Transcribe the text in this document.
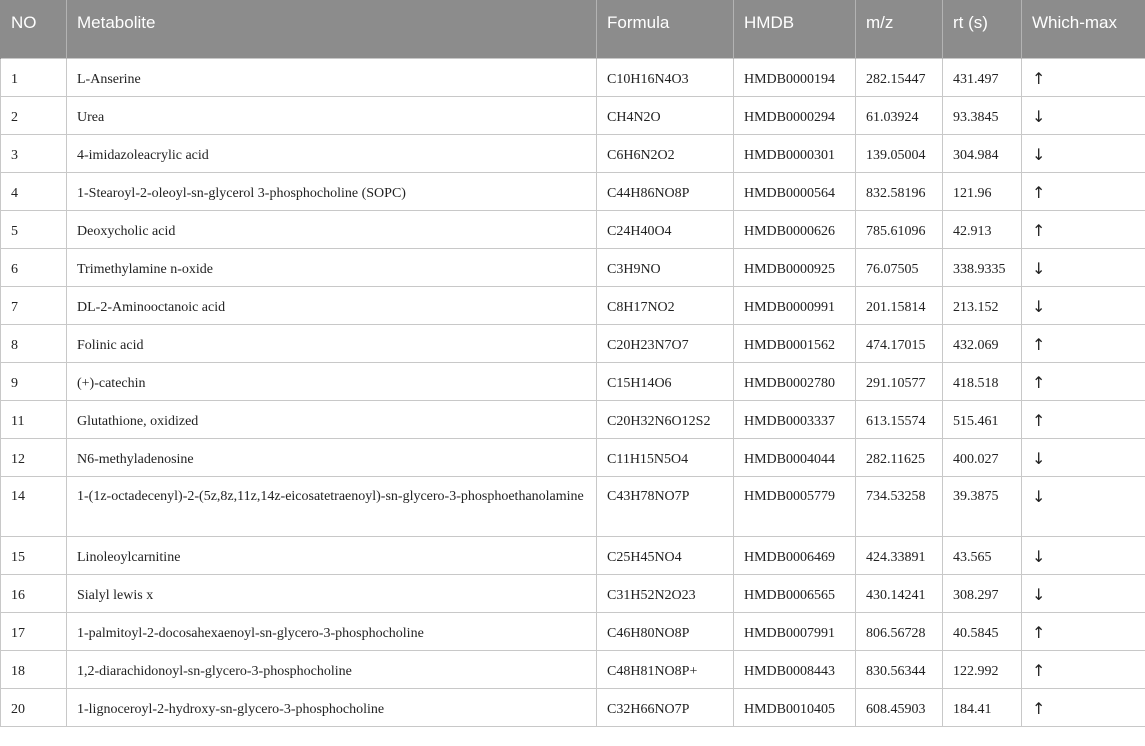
NO	Metabolite	Formula	HMDB	m/z	rt (s)	Which-max
1	L-Anserine	C10H16N4O3	HMDB0000194	282.15447	431.497	↑
2	Urea	CH4N2O	HMDB0000294	61.03924	93.3845	↓
3	4-imidazoleacrylic acid	C6H6N2O2	HMDB0000301	139.05004	304.984	↓
4	1-Stearoyl-2-oleoyl-sn-glycerol 3-phosphocholine (SOPC)	C44H86NO8P	HMDB0000564	832.58196	121.96	↑
5	Deoxycholic acid	C24H40O4	HMDB0000626	785.61096	42.913	↑
6	Trimethylamine n-oxide	C3H9NO	HMDB0000925	76.07505	338.9335	↓
7	DL-2-Aminooctanoic acid	C8H17NO2	HMDB0000991	201.15814	213.152	↓
8	Folinic acid	C20H23N7O7	HMDB0001562	474.17015	432.069	↑
9	(+)-catechin	C15H14O6	HMDB0002780	291.10577	418.518	↑
11	Glutathione, oxidized	C20H32N6O12S2	HMDB0003337	613.15574	515.461	↑
12	N6-methyladenosine	C11H15N5O4	HMDB0004044	282.11625	400.027	↓
14	1-(1z-octadecenyl)-2-(5z,8z,11z,14z-eicosatetraenoyl)-sn-glycero-3-phosphoethanolamine	C43H78NO7P	HMDB0005779	734.53258	39.3875	↓
15	Linoleoylcarnitine	C25H45NO4	HMDB0006469	424.33891	43.565	↓
16	Sialyl lewis x	C31H52N2O23	HMDB0006565	430.14241	308.297	↓
17	1-palmitoyl-2-docosahexaenoyl-sn-glycero-3-phosphocholine	C46H80NO8P	HMDB0007991	806.56728	40.5845	↑
18	1,2-diarachidonoyl-sn-glycero-3-phosphocholine	C48H81NO8P+	HMDB0008443	830.56344	122.992	↑
20	1-lignoceroyl-2-hydroxy-sn-glycero-3-phosphocholine	C32H66NO7P	HMDB0010405	608.45903	184.41	↑
